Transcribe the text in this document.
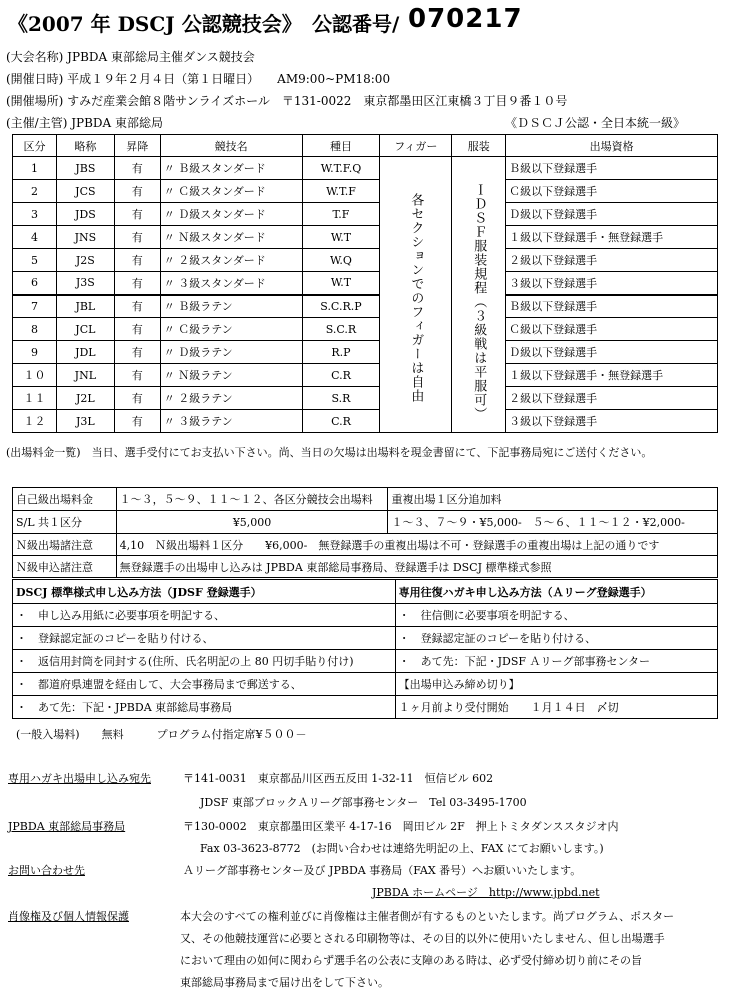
《2007 年 DSCJ 公認競技会》 公認番号/ 070217
(大会名称) JPBDA 東部総局主催ダンス競技会
(開催日時) 平成１９年２月４日（第１日曜日）　　AM9:00~PM18:00
(開催場所) すみだ産業会館８階サンライズホール　〒131-0022　東京都墨田区江東橋３丁目９番１０号
(主催/主管) JPBDA 東部総局	《ＤＳＣＪ公認・全日本統一級》
区分	略称	昇降	競技名	種目	フィガー	服装	出場資格
1	JBS	有	〃 Ｂ級スタンダード	W.T.F.Q	各セクションでのフィガーは自由	ＩＤＳＦ服装規程（３級戦は平服可）	Ｂ級以下登録選手
2	JCS	有	〃 Ｃ級スタンダード	W.T.F			Ｃ級以下登録選手
3	JDS	有	〃 Ｄ級スタンダード	T.F			Ｄ級以下登録選手
4	JNS	有	〃 Ｎ級スタンダード	W.T			１級以下登録選手・無登録選手
5	J2S	有	〃 ２級スタンダード	W.Q			２級以下登録選手
6	J3S	有	〃 ３級スタンダード	W.T			３級以下登録選手
7	JBL	有	〃 Ｂ級ラテン	S.C.R.P			Ｂ級以下登録選手
8	JCL	有	〃 Ｃ級ラテン	S.C.R			Ｃ級以下登録選手
9	JDL	有	〃 Ｄ級ラテン	R.P			Ｄ級以下登録選手
１０	JNL	有	〃 Ｎ級ラテン	C.R			１級以下登録選手・無登録選手
１１	J2L	有	〃 ２級ラテン	S.R			２級以下登録選手
１２	J3L	有	〃 ３級ラテン	C.R			３級以下登録選手
(出場料金一覧)　当日、選手受付にてお支払い下さい。尚、当日の欠場は出場料を現金書留にて、下記事務局宛にご送付ください。
自己級出場料金	１～３，５～９、１１～１２、各区分競技会出場料	重複出場１区分追加料
S/L 共１区分	¥5,000	１～３、７～９・¥5,000-　５～６、１１～１２・¥2,000-
Ｎ級出場諸注意	4,10　Ｎ級出場料１区分　　¥6,000-　無登録選手の重複出場は不可・登録選手の重複出場は上記の通りです	
Ｎ級申込諸注意	無登録選手の出場申し込みは JPBDA 東部総局事務局、登録選手は DSCJ 標準様式参照	
DSCJ 標準様式申し込み方法（JDSF 登録選手）	専用往復ハガキ申し込み方法（Ａリーグ登録選手）
・　申し込み用紙に必要事項を明記する、	・　往信側に必要事項を明記する、
・　登録認定証のコピーを貼り付ける、	・　登録認定証のコピーを貼り付ける、
・　返信用封筒を同封する(住所、氏名明記の上 80 円切手貼り付け)	・　あて先：下記・JDSF Ａリーグ部事務センター
・　都道府県連盟を経由して、大会事務局まで郵送する、	【出場申込み締め切り】
・　あて先：下記・JPBDA 東部総局事務局	１ヶ月前より受付開始　　１月１４日　〆切
(一般入場料)　　無料　　　プログラム付指定席¥５００－
専用ハガキ出場申し込み宛先	〒141-0031　東京都品川区西五反田 1-32-11　恒信ビル 602
JDSF 東部ブロックＡリーグ部事務センター　Tel 03-3495-1700
JPBDA 東部総局事務局	〒130-0002　東京都墨田区業平 4-17-16　岡田ビル 2F　押上トミタダンススタジオ内
Fax 03-3623-8772　(お問い合わせは連絡先明記の上、FAX にてお願いします。)
お問い合わせ先	Ａリーグ部事務センター及び JPBDA 事務局（FAX 番号）へお願いいたします。
JPBDA ホームページ　http://www.jpbd.net
肖像権及び個人情報保護	本大会のすべての権利並びに肖像権は主催者側が有するものといたします。尚プログラム、ポスター
又、その他競技運営に必要とされる印刷物等は、その目的以外に使用いたしません、但し出場選手
において理由の如何に関わらず選手名の公表に支障のある時は、必ず受付締め切り前にその旨
東部総局事務局まで届け出をして下さい。
